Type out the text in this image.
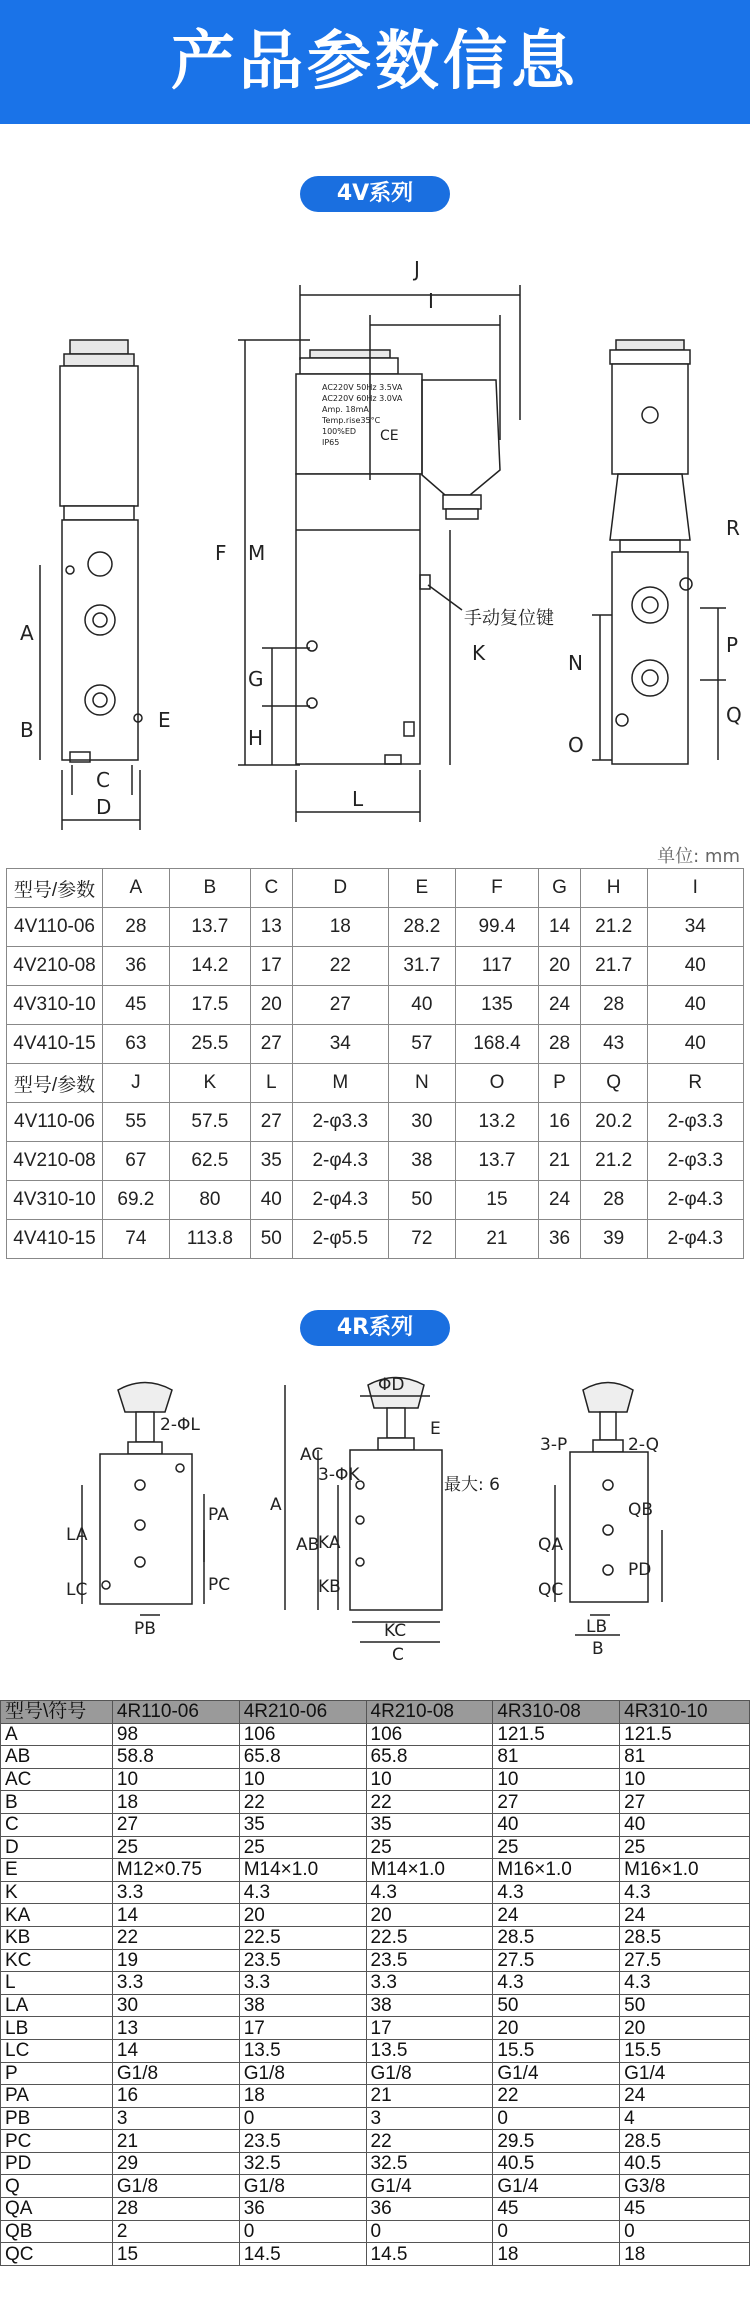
产品参数信息
4V系列
AC220V 50Hz 3.5VA
AC220V 60Hz 3.0VA
Amp. 18mA
Temp.rise35°C
100%ED
IP65	CE
J
I
F M
A
G
K
H
B	E
C
D	L
N
O
P
Q
R
手动复位键
单位: mm
型号/参数	A	B	C	D	E	F	G	H	I
4V110-06	28	13.7	13	18	28.2	99.4	14	21.2	34
4V210-08	36	14.2	17	22	31.7	117	20	21.7	40
4V310-10	45	17.5	20	27	40	135	24	28	40
4V410-15	63	25.5	27	34	57	168.4	28	43	40
型号/参数	J	K	L	M	N	O	P	Q	R
4V110-06	55	57.5	27	2-φ3.3	30	13.2	16	20.2	2-φ3.3
4V210-08	67	62.5	35	2-φ4.3	38	13.7	21	21.2	2-φ3.3
4V310-10	69.2	80	40	2-φ4.3	50	15	24	28	2-φ4.3
4V410-15	74	113.8	50	2-φ5.5	72	21	36	39	2-φ4.3
4R系列
2-ΦL
LA
PA
LC	PC
PB
ΦD
E
A
AC
3-ΦK
AB
KA
KB
KC
C
最大: 6
3-P	2-Q
QA
QB
QC
PD
LB
B
型号\符号	4R110-06	4R210-06	4R210-08	4R310-08	4R310-10
A	98	106	106	121.5	121.5
AB	58.8	65.8	65.8	81	81
AC	10	10	10	10	10
B	18	22	22	27	27
C	27	35	35	40	40
D	25	25	25	25	25
E	M12×0.75	M14×1.0	M14×1.0	M16×1.0	M16×1.0
K	3.3	4.3	4.3	4.3	4.3
KA	14	20	20	24	24
KB	22	22.5	22.5	28.5	28.5
KC	19	23.5	23.5	27.5	27.5
L	3.3	3.3	3.3	4.3	4.3
LA	30	38	38	50	50
LB	13	17	17	20	20
LC	14	13.5	13.5	15.5	15.5
P	G1/8	G1/8	G1/8	G1/4	G1/4
PA	16	18	21	22	24
PB	3	0	3	0	4
PC	21	23.5	22	29.5	28.5
PD	29	32.5	32.5	40.5	40.5
Q	G1/8	G1/8	G1/4	G1/4	G3/8
QA	28	36	36	45	45
QB	2	0	0	0	0
QC	15	14.5	14.5	18	18
